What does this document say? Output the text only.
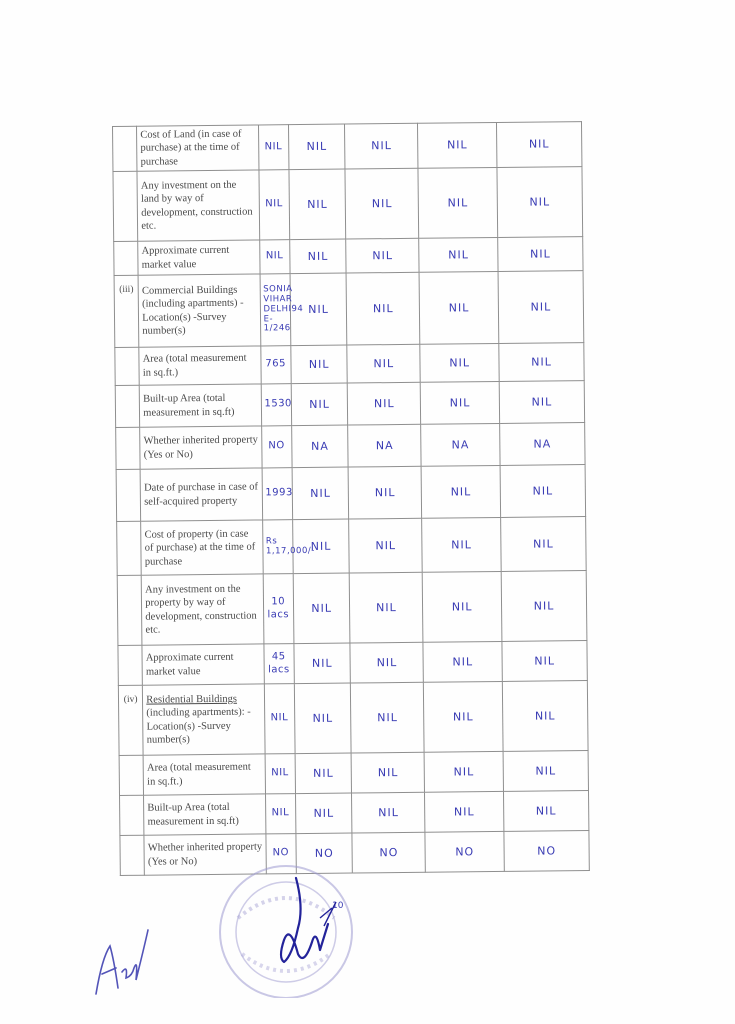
	Cost of Land (in case of purchase) at the time of purchase	NIL	NIL	NIL	NIL	NIL
	Any investment on the land by way of development, construction etc.	NIL	NIL	NIL	NIL	NIL
	Approximate current market value	NIL	NIL	NIL	NIL	NIL
(iii)	Commercial Buildings (including apartments) -Location(s) -Survey number(s)	SONIA VIHAR DELHI94 E-1/246	NIL	NIL	NIL	NIL
	Area (total measurement in sq.ft.)	765	NIL	NIL	NIL	NIL
	Built-up Area (total measurement in sq.ft)	1530	NIL	NIL	NIL	NIL
	Whether inherited property (Yes or No)	NO	NA	NA	NA	NA
	Date of purchase in case of self-acquired property	1993	NIL	NIL	NIL	NIL
	Cost of property (in case of purchase) at the time of purchase	Rs 1,17,000/-	NIL	NIL	NIL	NIL
	Any investment on the property by way of development, construction etc.	10 lacs	NIL	NIL	NIL	NIL
	Approximate current market value	45 lacs	NIL	NIL	NIL	NIL
(iv)	Residential Buildings (including apartments): -Location(s) -Survey number(s)	NIL	NIL	NIL	NIL	NIL
	Area (total measurement in sq.ft.)	NIL	NIL	NIL	NIL	NIL
	Built-up Area (total measurement in sq.ft)	NIL	NIL	NIL	NIL	NIL
	Whether inherited property (Yes or No)	NO	NO	NO	NO	NO
10
